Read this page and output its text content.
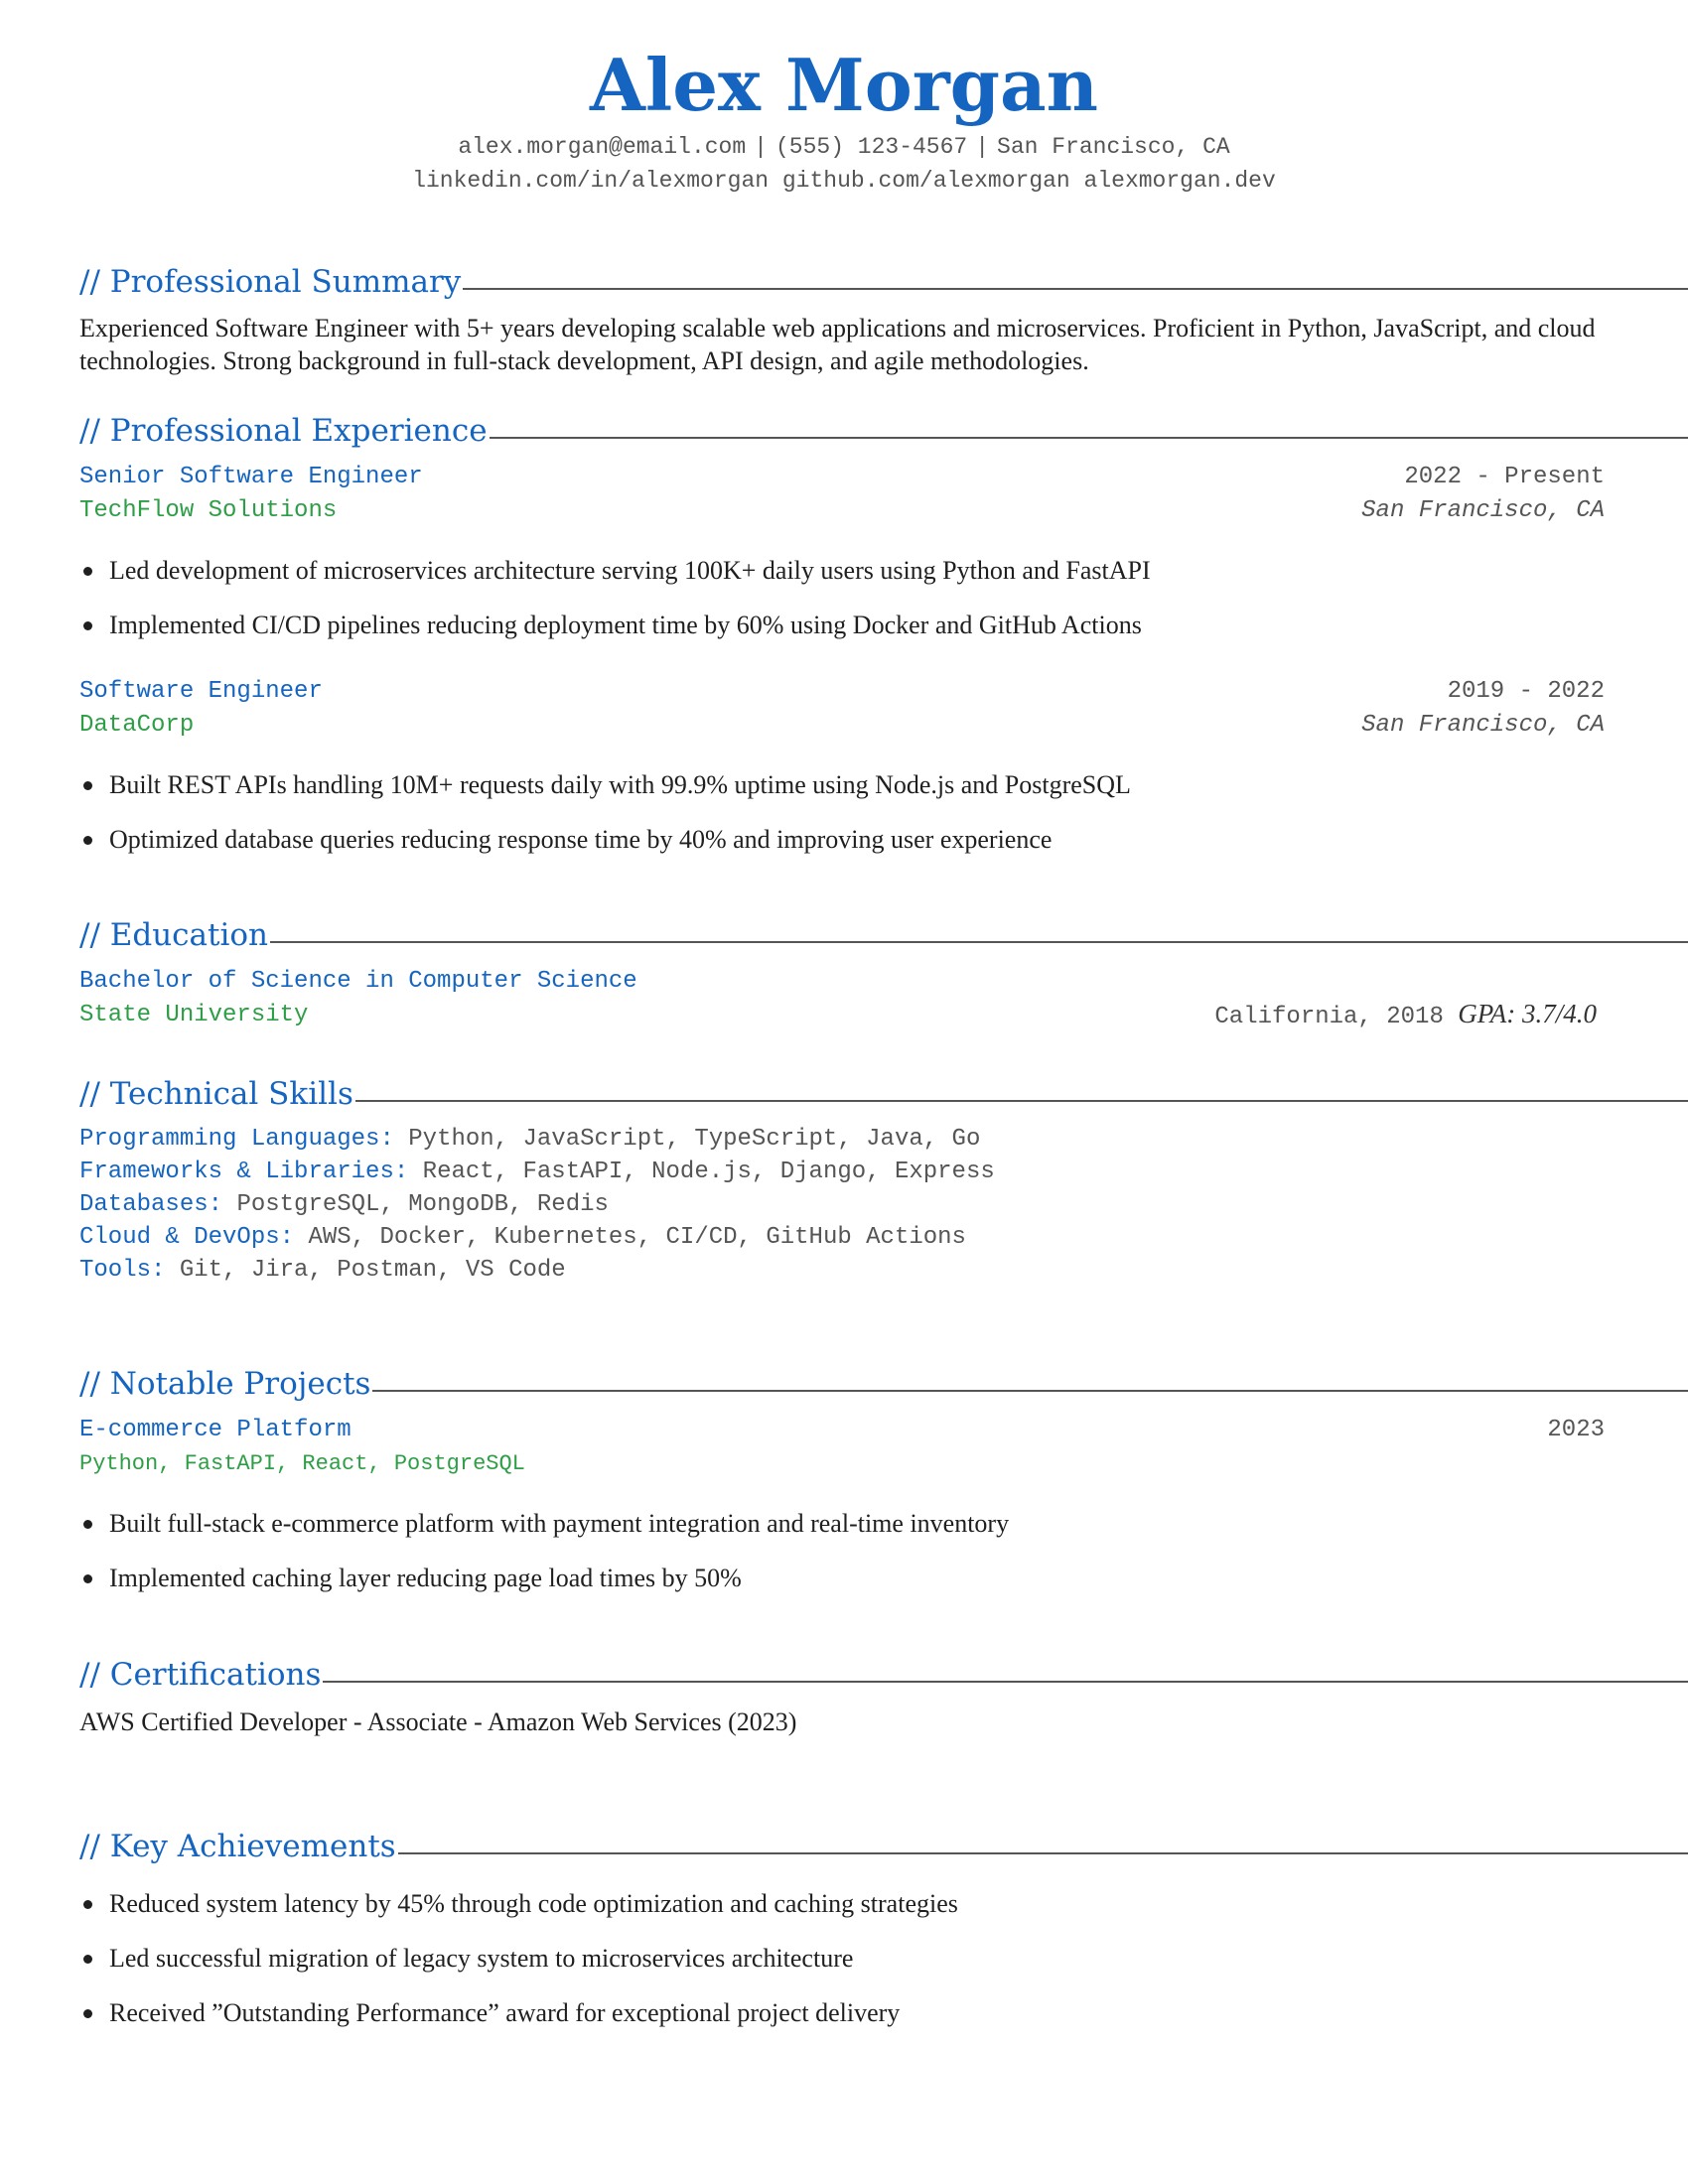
Alex Morgan
alex.morgan@email.com | (555) 123-4567 | San Francisco, CA
linkedin.com/in/alexmorgan github.com/alexmorgan alexmorgan.dev
// Professional Summary
Experienced Software Engineer with 5+ years developing scalable web applications and microservices. Proficient in Python, JavaScript, and cloud technologies. Strong background in full-stack development, API design, and agile methodologies.
// Professional Experience
Senior Software Engineer	2022 - Present
TechFlow Solutions	San Francisco, CA
Led development of microservices architecture serving 100K+ daily users using Python and FastAPI
Implemented CI/CD pipelines reducing deployment time by 60% using Docker and GitHub Actions
Software Engineer	2019 - 2022
DataCorp	San Francisco, CA
Built REST APIs handling 10M+ requests daily with 99.9% uptime using Node.js and PostgreSQL
Optimized database queries reducing response time by 40% and improving user experience
// Education
Bachelor of Science in Computer Science
State University	California, 2018 GPA: 3.7/4.0
// Technical Skills
Programming Languages: Python, JavaScript, TypeScript, Java, Go
Frameworks & Libraries: React, FastAPI, Node.js, Django, Express
Databases: PostgreSQL, MongoDB, Redis
Cloud & DevOps: AWS, Docker, Kubernetes, CI/CD, GitHub Actions
Tools: Git, Jira, Postman, VS Code
// Notable Projects
E-commerce Platform	2023
Python, FastAPI, React, PostgreSQL
Built full-stack e-commerce platform with payment integration and real-time inventory
Implemented caching layer reducing page load times by 50%
// Certifications
AWS Certified Developer - Associate - Amazon Web Services (2023)
// Key Achievements
Reduced system latency by 45% through code optimization and caching strategies
Led successful migration of legacy system to microservices architecture
Received ”Outstanding Performance” award for exceptional project delivery
